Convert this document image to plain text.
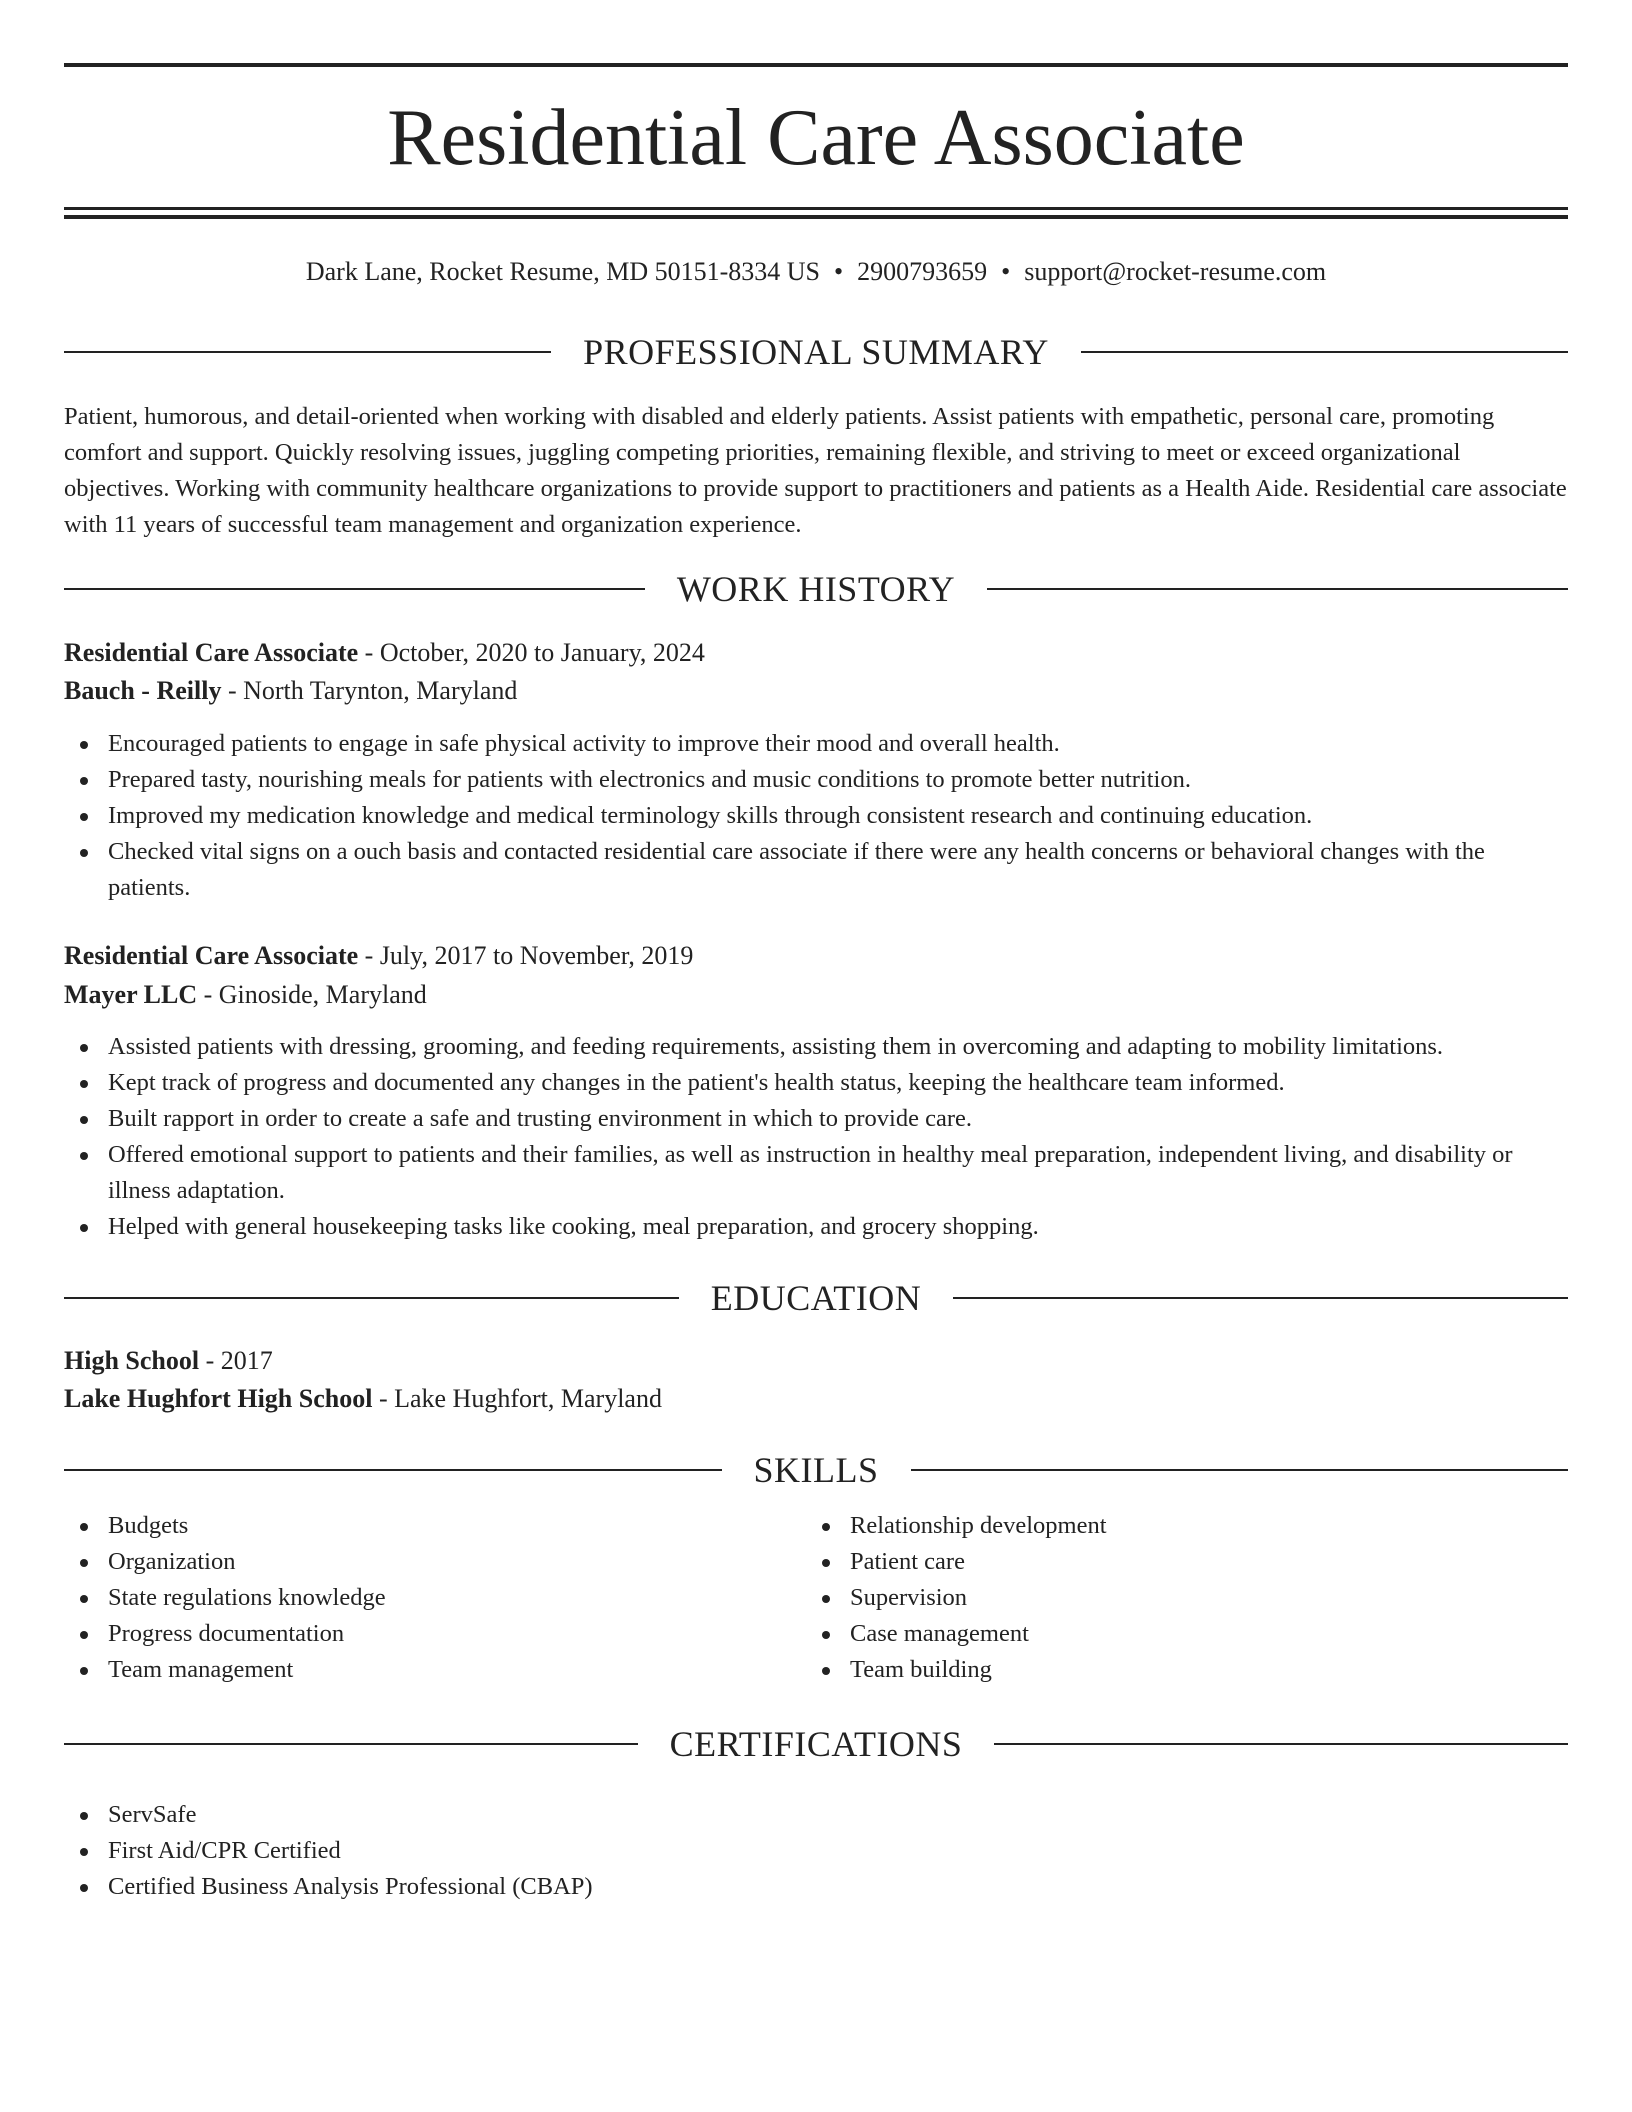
Residential Care Associate
Dark Lane, Rocket Resume, MD 50151-8334 US • 2900793659 • support@rocket-resume.com
PROFESSIONAL SUMMARY

Patient, humorous, and detail-oriented when working with disabled and elderly patients. Assist patients with empathetic, personal care, promoting comfort and support. Quickly resolving issues, juggling competing priorities, remaining flexible, and striving to meet or exceed organizational objectives. Working with community healthcare organizations to provide support to practitioners and patients as a Health Aide. Residential care associate with 11 years of successful team management and organization experience.

WORK HISTORY
Residential Care Associate - October, 2020 to January, 2024
Bauch - Reilly - North Tarynton, Maryland
Encouraged patients to engage in safe physical activity to improve their mood and overall health.
Prepared tasty, nourishing meals for patients with electronics and music conditions to promote better nutrition.
Improved my medication knowledge and medical terminology skills through consistent research and continuing education.
Checked vital signs on a ouch basis and contacted residential care associate if there were any health concerns or behavioral changes with the patients.
Residential Care Associate - July, 2017 to November, 2019
Mayer LLC - Ginoside, Maryland
Assisted patients with dressing, grooming, and feeding requirements, assisting them in overcoming and adapting to mobility limitations.
Kept track of progress and documented any changes in the patient's health status, keeping the healthcare team informed.
Built rapport in order to create a safe and trusting environment in which to provide care.
Offered emotional support to patients and their families, as well as instruction in healthy meal preparation, independent living, and disability or illness adaptation.
Helped with general housekeeping tasks like cooking, meal preparation, and grocery shopping.
EDUCATION
High School - 2017
Lake Hughfort High School - Lake Hughfort, Maryland
SKILLS
Budgets
Organization
State regulations knowledge
Progress documentation
Team management
Relationship development
Patient care
Supervision
Case management
Team building
CERTIFICATIONS
ServSafe
First Aid/CPR Certified
Certified Business Analysis Professional (CBAP)
